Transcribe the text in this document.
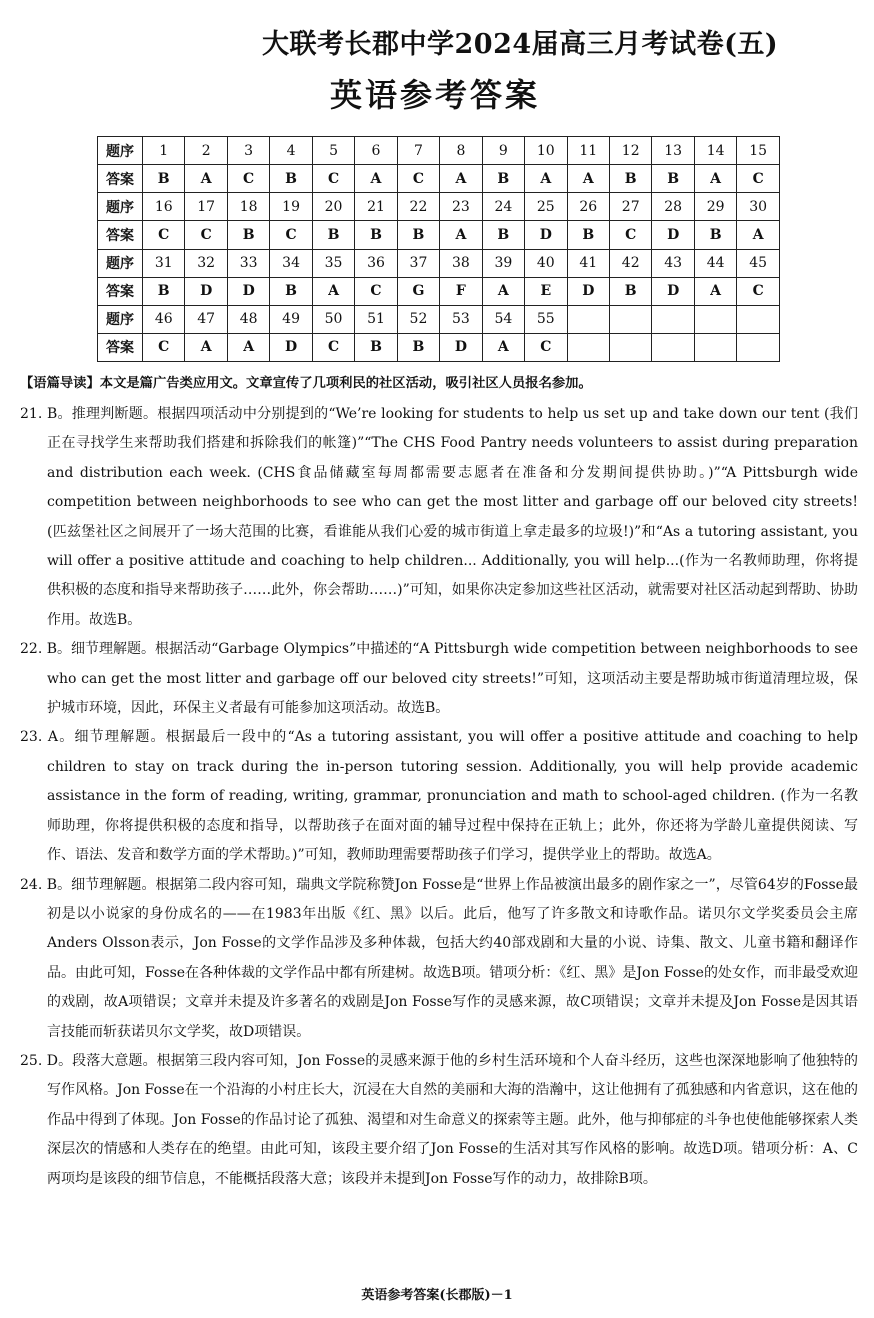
大联考长郡中学2024届高三月考试卷(五)
英语参考答案
题序	1	2	3	4	5	6	7	8	9	10	11	12	13	14	15
答案	B	A	C	B	C	A	C	A	B	A	A	B	B	A	C
题序	16	17	18	19	20	21	22	23	24	25	26	27	28	29	30
答案	C	C	B	C	B	B	B	A	B	D	B	C	D	B	A
题序	31	32	33	34	35	36	37	38	39	40	41	42	43	44	45
答案	B	D	D	B	A	C	G	F	A	E	D	B	D	A	C
题序	46	47	48	49	50	51	52	53	54	55					
答案	C	A	A	D	C	B	B	D	A	C					
【语篇导读】本文是篇广告类应用文。文章宣传了几项利民的社区活动，吸引社区人员报名参加。

21. B。推理判断题。根据四项活动中分别提到的“We’re looking for students to help us set up and take down our tent (我们正在寻找学生来帮助我们搭建和拆除我们的帐篷)”“The CHS Food Pantry needs volunteers to assist during preparation and distribution each week. (CHS食品储藏室每周都需要志愿者在准备和分发期间提供协助。)”“A Pittsburgh wide competition between neighborhoods to see who can get the most litter and garbage off our beloved city streets! (匹兹堡社区之间展开了一场大范围的比赛，看谁能从我们心爱的城市街道上拿走最多的垃圾!)”和“As a tutoring assistant, you will offer a positive attitude and coaching to help children... Additionally, you will help...(作为一名教师助理，你将提供积极的态度和指导来帮助孩子……此外，你会帮助……)”可知，如果你决定参加这些社区活动，就需要对社区活动起到帮助、协助作用。故选B。

22. B。细节理解题。根据活动“Garbage Olympics”中描述的“A Pittsburgh wide competition between neighborhoods to see who can get the most litter and garbage off our beloved city streets!”可知，这项活动主要是帮助城市街道清理垃圾，保护城市环境，因此，环保主义者最有可能参加这项活动。故选B。

23. A。细节理解题。根据最后一段中的“As a tutoring assistant, you will offer a positive attitude and coaching to help children to stay on track during the in-person tutoring session. Additionally, you will help provide academic assistance in the form of reading, writing, grammar, pronunciation and math to school-aged children. (作为一名教师助理，你将提供积极的态度和指导，以帮助孩子在面对面的辅导过程中保持在正轨上；此外，你还将为学龄儿童提供阅读、写作、语法、发音和数学方面的学术帮助。)”可知，教师助理需要帮助孩子们学习，提供学业上的帮助。故选A。

24. B。细节理解题。根据第二段内容可知，瑞典文学院称赞Jon Fosse是“世界上作品被演出最多的剧作家之一”，尽管64岁的Fosse最初是以小说家的身份成名的——在1983年出版《红、黑》以后。此后，他写了许多散文和诗歌作品。诺贝尔文学奖委员会主席Anders Olsson表示，Jon Fosse的文学作品涉及多种体裁，包括大约40部戏剧和大量的小说、诗集、散文、儿童书籍和翻译作品。由此可知，Fosse在各种体裁的文学作品中都有所建树。故选B项。错项分析：《红、黑》是Jon Fosse的处女作，而非最受欢迎的戏剧，故A项错误；文章并未提及许多著名的戏剧是Jon Fosse写作的灵感来源，故C项错误；文章并未提及Jon Fosse是因其语言技能而斩获诺贝尔文学奖，故D项错误。

25. D。段落大意题。根据第三段内容可知，Jon Fosse的灵感来源于他的乡村生活环境和个人奋斗经历，这些也深深地影响了他独特的写作风格。Jon Fosse在一个沿海的小村庄长大，沉浸在大自然的美丽和大海的浩瀚中，这让他拥有了孤独感和内省意识，这在他的作品中得到了体现。Jon Fosse的作品讨论了孤独、渴望和对生命意义的探索等主题。此外，他与抑郁症的斗争也使他能够探索人类深层次的情感和人类存在的绝望。由此可知，该段主要介绍了Jon Fosse的生活对其写作风格的影响。故选D项。错项分析：A、C两项均是该段的细节信息，不能概括段落大意；该段并未提到Jon Fosse写作的动力，故排除B项。

英语参考答案(长郡版)－1
